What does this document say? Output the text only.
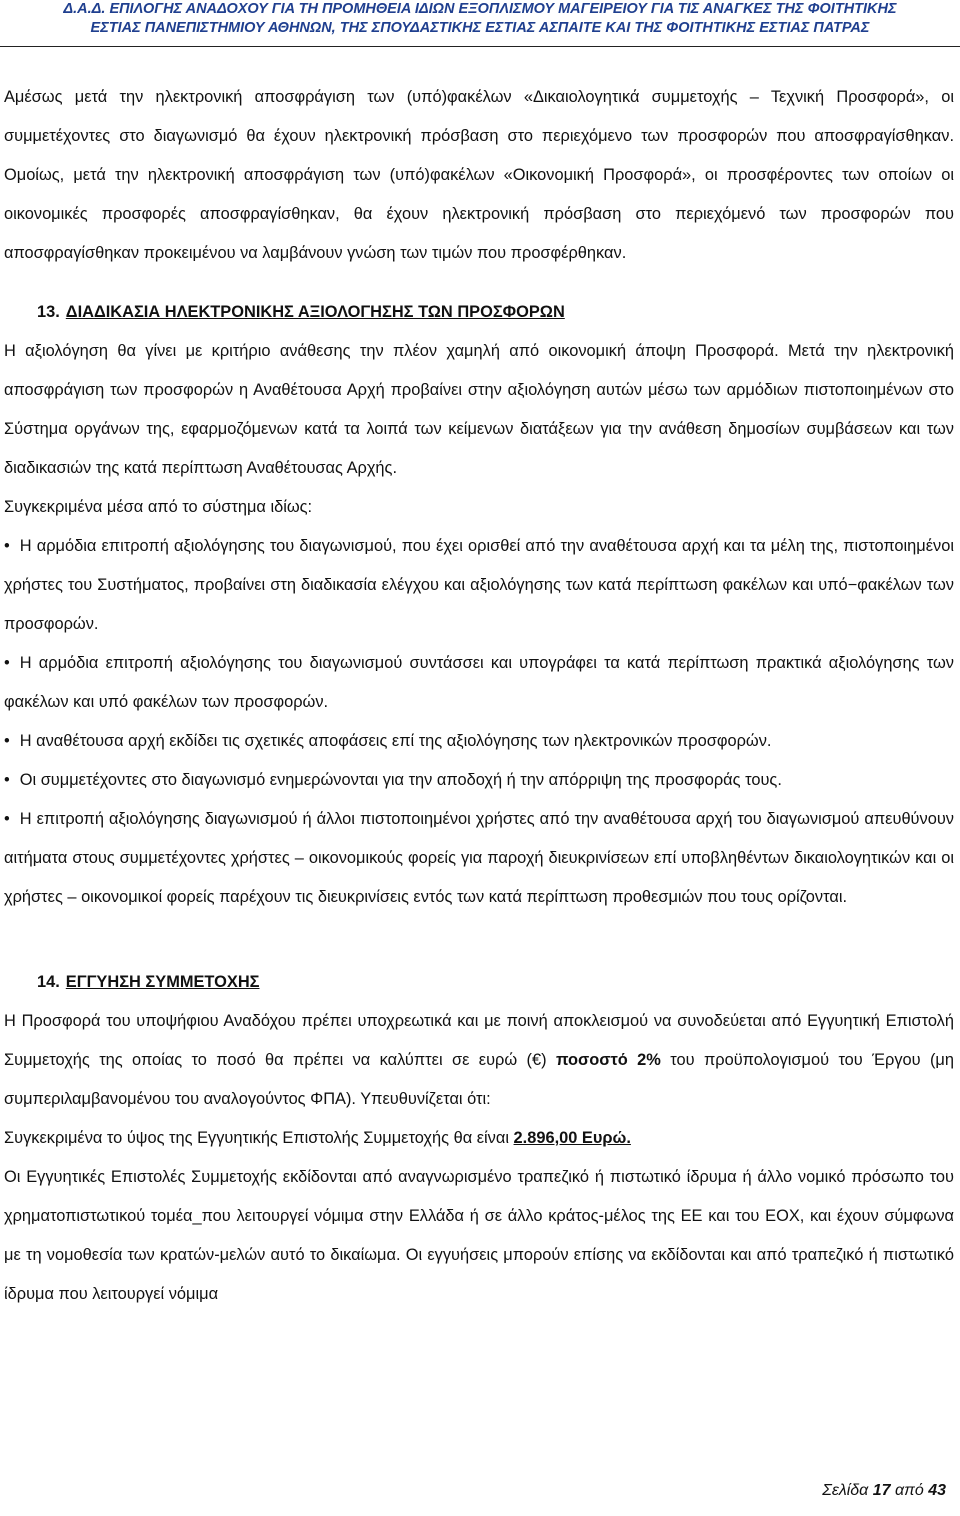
Δ.Α.Δ. ΕΠΙΛΟΓΗΣ ΑΝΑΔΟΧΟΥ ΓΙΑ ΤΗ ΠΡΟΜΗΘΕΙΑ ΙΔΙΩΝ ΕΞΟΠΛΙΣΜΟΥ ΜΑΓΕΙΡΕΙΟΥ ΓΙΑ ΤΙΣ ΑΝΑΓΚΕΣ ΤΗΣ ΦΟΙΤΗΤΙΚΗΣ
ΕΣΤΙΑΣ ΠΑΝΕΠΙΣΤΗΜΙΟΥ ΑΘΗΝΩΝ, ΤΗΣ ΣΠΟΥΔΑΣΤΙΚΗΣ ΕΣΤΙΑΣ ΑΣΠΑΙΤΕ ΚΑΙ ΤΗΣ ΦΟΙΤΗΤΙΚΗΣ ΕΣΤΙΑΣ ΠΑΤΡΑΣ

Αμέσως μετά την ηλεκτρονική αποσφράγιση των (υπό)φακέλων «Δικαιολογητικά συμμετοχής – Τεχνική Προσφορά», οι συμμετέχοντες στο διαγωνισμό θα έχουν ηλεκτρονική πρόσβαση στο περιεχόμενο των προσφορών που αποσφραγίσθηκαν. Ομοίως, μετά την ηλεκτρονική αποσφράγιση των (υπό)φακέλων «Οικονομική Προσφορά», οι προσφέροντες των οποίων οι οικονομικές προσφορές αποσφραγίσθηκαν, θα έχουν ηλεκτρονική πρόσβαση στο περιεχόμενό των προσφορών που αποσφραγίσθηκαν προκειμένου να λαμβάνουν γνώση των τιμών που προσφέρθηκαν.

13. ΔΙΑΔΙΚΑΣΙΑ ΗΛΕΚΤΡΟΝΙΚΗΣ ΑΞΙΟΛΟΓΗΣΗΣ ΤΩΝ ΠΡΟΣΦΟΡΩΝ

Η αξιολόγηση θα γίνει με κριτήριο ανάθεσης την πλέον χαμηλή από οικονομική άποψη Προσφορά. Μετά την ηλεκτρονική αποσφράγιση των προσφορών η Αναθέτουσα Αρχή προβαίνει στην αξιολόγηση αυτών μέσω των αρμόδιων πιστοποιημένων στο Σύστημα οργάνων της, εφαρμοζόμενων κατά τα λοιπά των κείμενων διατάξεων για την ανάθεση δημοσίων συμβάσεων και των διαδικασιών της κατά περίπτωση Αναθέτουσας Αρχής.

Συγκεκριμένα μέσα από το σύστημα ιδίως:

• Η αρμόδια επιτροπή αξιολόγησης του διαγωνισμού, που έχει ορισθεί από την αναθέτουσα αρχή και τα μέλη της, πιστοποιημένοι χρήστες του Συστήματος, προβαίνει στη διαδικασία ελέγχου και αξιολόγησης των κατά περίπτωση φακέλων και υπό−φακέλων των προσφορών.

• Η αρμόδια επιτροπή αξιολόγησης του διαγωνισμού συντάσσει και υπογράφει τα κατά περίπτωση πρακτικά αξιολόγησης των φακέλων και υπό φακέλων των προσφορών.

• Η αναθέτουσα αρχή εκδίδει τις σχετικές αποφάσεις επί της αξιολόγησης των ηλεκτρονικών προσφορών.

• Οι συμμετέχοντες στο διαγωνισμό ενημερώνονται για την αποδοχή ή την απόρριψη της προσφοράς τους.

• Η επιτροπή αξιολόγησης διαγωνισμού ή άλλοι πιστοποιημένοι χρήστες από την αναθέτουσα αρχή του διαγωνισμού απευθύνουν αιτήματα στους συμμετέχοντες χρήστες – οικονομικούς φορείς για παροχή διευκρινίσεων επί υποβληθέντων δικαιολογητικών και οι χρήστες – οικονομικοί φορείς παρέχουν τις διευκρινίσεις εντός των κατά περίπτωση προθεσμιών που τους ορίζονται.

14. ΕΓΓΥΗΣΗ ΣΥΜΜΕΤΟΧΗΣ

Η Προσφορά του υποψήφιου Αναδόχου πρέπει υποχρεωτικά και με ποινή αποκλεισμού να συνοδεύεται από Εγγυητική Επιστολή Συμμετοχής της οποίας το ποσό θα πρέπει να καλύπτει σε ευρώ (€) ποσοστό 2% του προϋπολογισμού του Έργου (μη συμπεριλαμβανομένου του αναλογούντος ΦΠΑ). Υπευθυνίζεται ότι:

Συγκεκριμένα το ύψος της Εγγυητικής Επιστολής Συμμετοχής θα είναι 2.896,00 Ευρώ.

Οι Εγγυητικές Επιστολές Συμμετοχής εκδίδονται από αναγνωρισμένο τραπεζικό ή πιστωτικό ίδρυμα ή άλλο νομικό πρόσωπο του χρηματοπιστωτικού τομέα_που λειτουργεί νόμιμα στην Ελλάδα ή σε άλλο κράτος-μέλος της ΕΕ και του ΕΟΧ, και έχουν σύμφωνα με τη νομοθεσία των κρατών-μελών αυτό το δικαίωμα. Οι εγγυήσεις μπορούν επίσης να εκδίδονται και από τραπεζικό ή πιστωτικό ίδρυμα που λειτουργεί νόμιμα

Σελίδα 17 από 43
